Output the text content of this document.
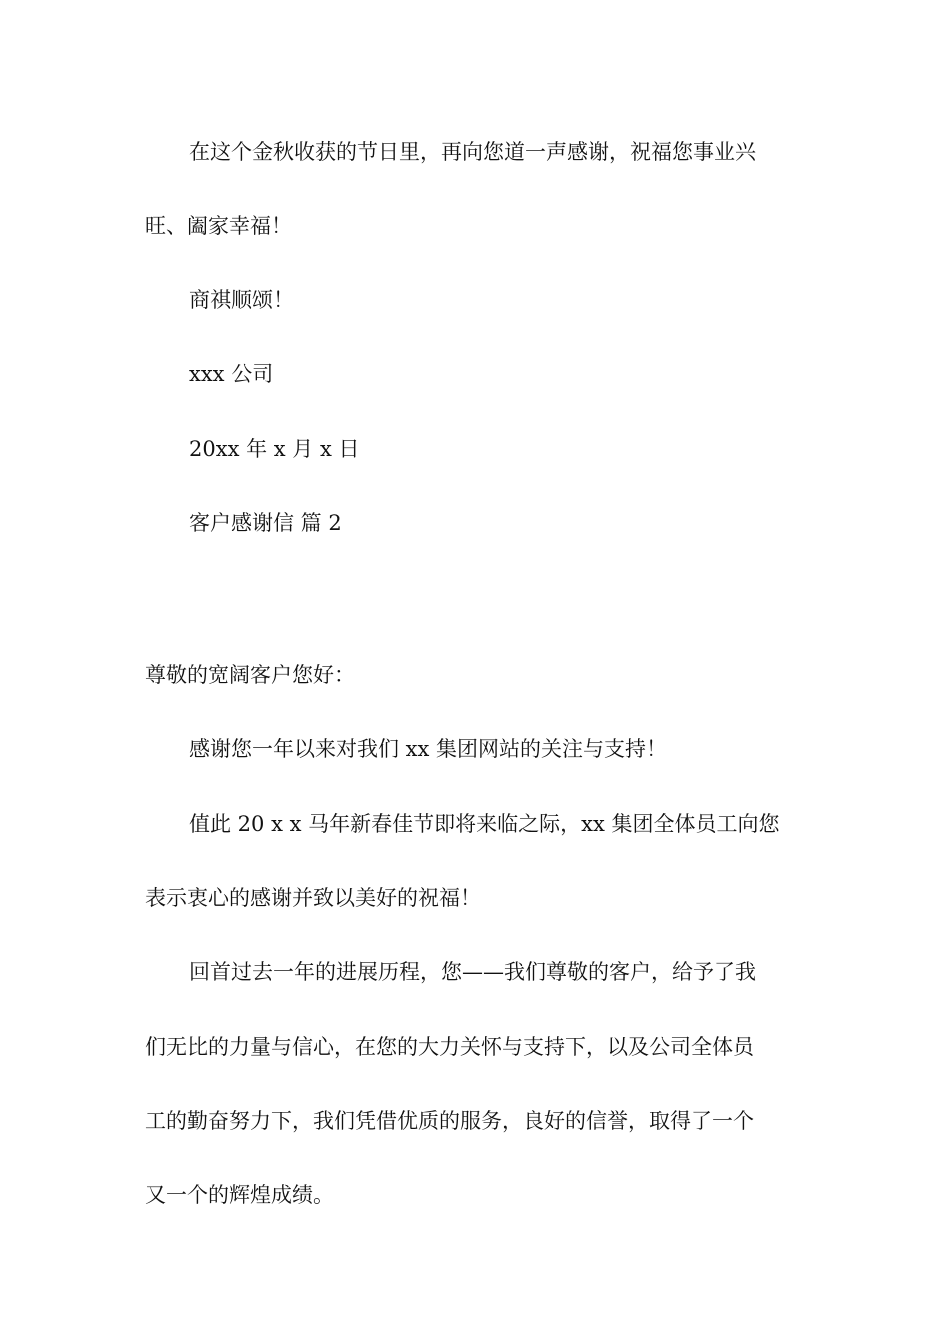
在这个金秋收获的节日里，再向您道一声感谢，祝福您事业兴
旺、阖家幸福！
商祺顺颂！
xxx 公司
20xx 年 x 月 x 日
客户感谢信 篇 2
尊敬的宽阔客户您好：
感谢您一年以来对我们 xx 集团网站的关注与支持！
值此 20 x x 马年新春佳节即将来临之际，xx 集团全体员工向您
表示衷心的感谢并致以美好的祝福！
回首过去一年的进展历程，您——我们尊敬的客户，给予了我
们无比的力量与信心，在您的大力关怀与支持下，以及公司全体员
工的勤奋努力下，我们凭借优质的服务，良好的信誉，取得了一个
又一个的辉煌成绩。
